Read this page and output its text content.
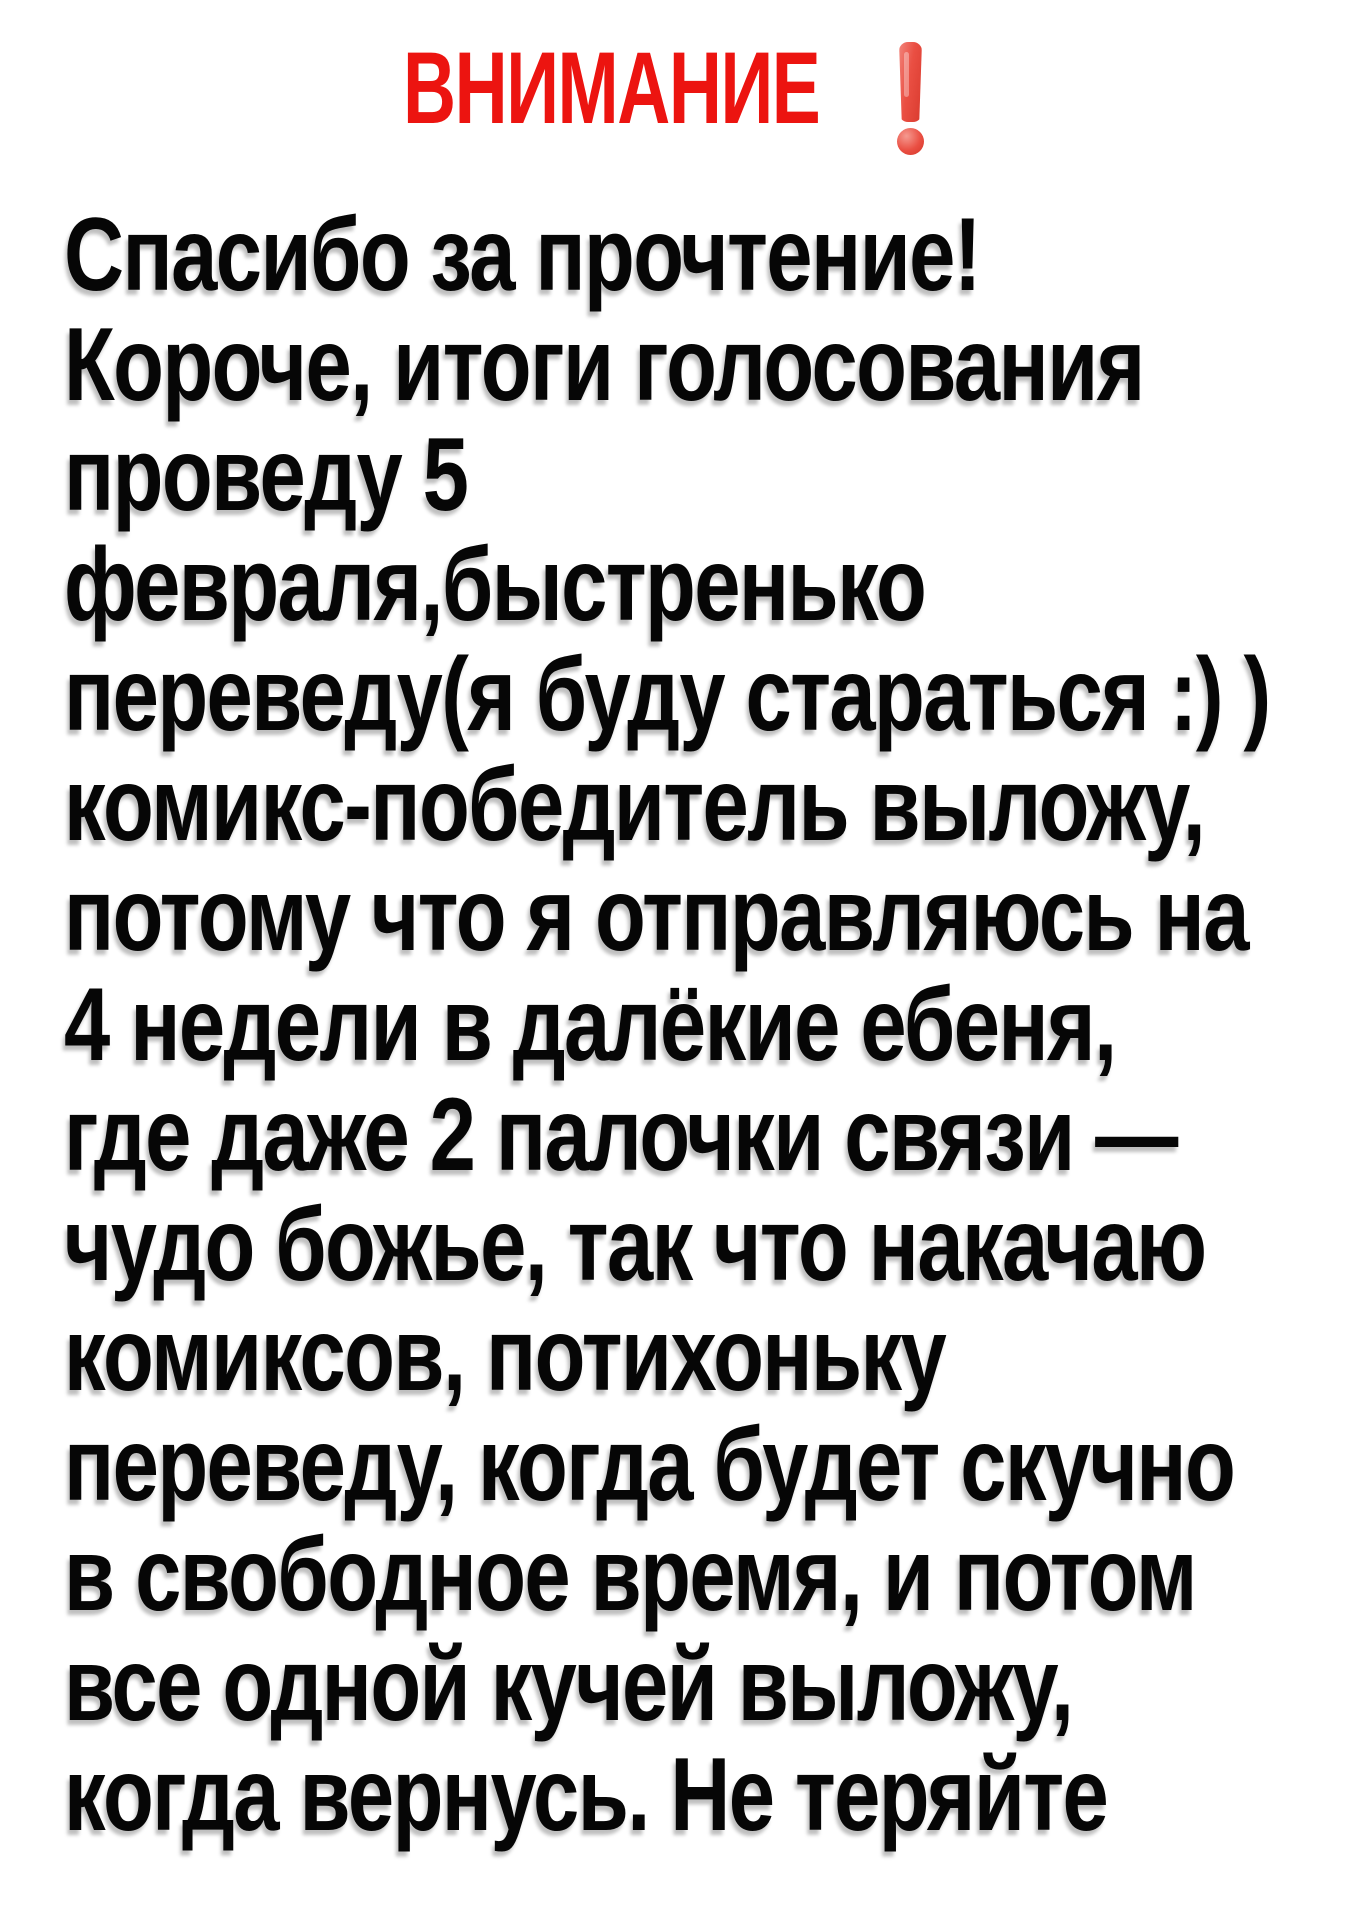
ВНИМАНИЕ
Спасибо за прочтение!
Короче, итоги голосования
проведу 5
февраля,быстренько
переведу(я буду стараться :) )
комикс-победитель выложу,
потому что я отправляюсь на
4 недели в далёкие ебеня,
где даже 2 палочки связи —
чудо божье, так что накачаю
комиксов, потихоньку
переведу, когда будет скучно
в свободное время, и потом
все одной кучей выложу,
когда вернусь. Не теряйте
